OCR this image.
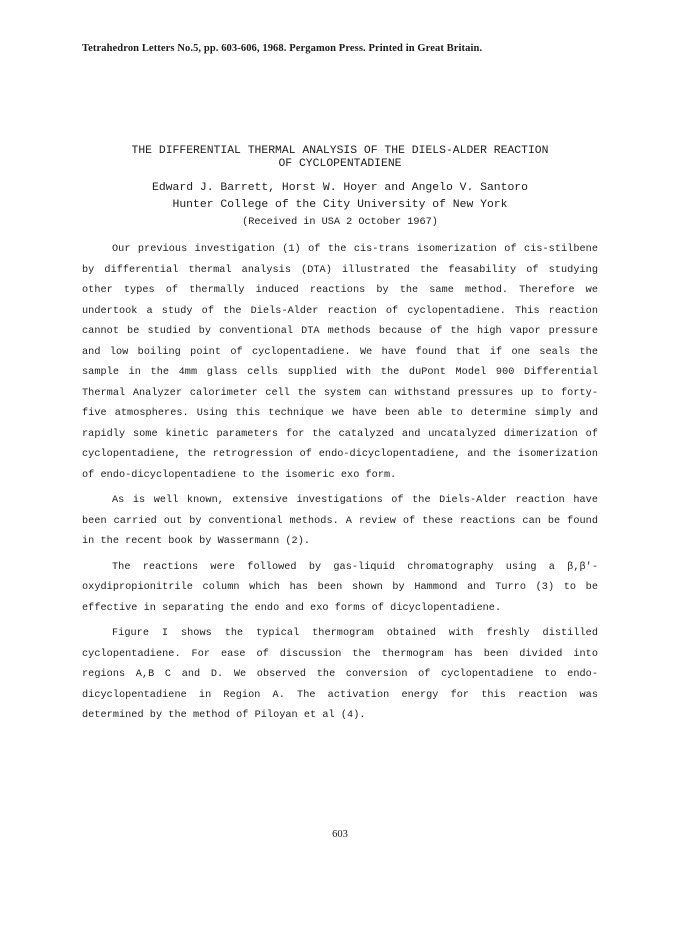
Tetrahedron Letters No.5, pp. 603-606, 1968. Pergamon Press. Printed in Great Britain.
THE DIFFERENTIAL THERMAL ANALYSIS OF THE DIELS-ALDER REACTION
OF CYCLOPENTADIENE
Edward J. Barrett, Horst W. Hoyer and Angelo V. Santoro
Hunter College of the City University of New York
(Received in USA 2 October 1967)

Our previous investigation (1) of the cis-trans isomerization of cis-stilbene by differential thermal analysis (DTA) illustrated the feasability of studying other types of thermally induced reactions by the same method. Therefore we undertook a study of the Diels-Alder reaction of cyclopentadiene. This reaction cannot be studied by conventional DTA methods because of the high vapor pressure and low boiling point of cyclopentadiene. We have found that if one seals the sample in the 4mm glass cells supplied with the duPont Model 900 Differential Thermal Analyzer calorimeter cell the system can withstand pressures up to forty-five atmospheres. Using this technique we have been able to determine simply and rapidly some kinetic parameters for the catalyzed and uncatalyzed dimerization of cyclopentadiene, the retrogression of endo-dicyclopentadiene, and the isomerization of endo-dicyclopentadiene to the isomeric exo form.

As is well known, extensive investigations of the Diels-Alder reaction have been carried out by conventional methods. A review of these reactions can be found in the recent book by Wassermann (2).

The reactions were followed by gas-liquid chromatography using a β,β'-oxydipropionitrile column which has been shown by Hammond and Turro (3) to be effective in separating the endo and exo forms of dicyclopentadiene.

Figure I shows the typical thermogram obtained with freshly distilled cyclopentadiene. For ease of discussion the thermogram has been divided into regions A,B C and D. We observed the conversion of cyclopentadiene to endo-dicyclopentadiene in Region A. The activation energy for this reaction was determined by the method of Piloyan et al (4).

603
